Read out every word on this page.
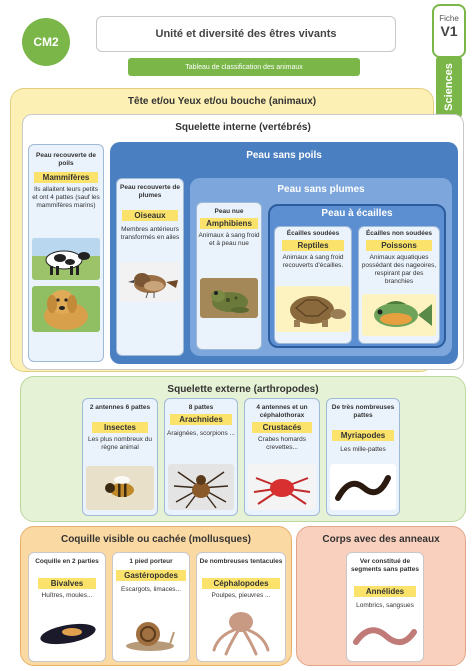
CM2
Unité et diversité des êtres vivants
Tableau de classification des animaux
Fiche
V1
Sciences
Tête et/ou Yeux et/ou bouche (animaux)
Squelette interne (vertébrés)
Peau recouverte de poils
Mammifères
Ils allaitent leurs petits et ont 4 pattes (sauf les mammifères marins)
Peau sans poils
Peau recouverte de plumes
Oiseaux
Membres antérieurs transformés en ailes
Peau sans plumes
Peau nue
Amphibiens
Animaux à sang froid et à peau nue
Peau à écailles
Écailles soudées
Reptiles
Animaux à sang froid recouverts d'écailles.
Écailles non soudées
Poissons
Animaux aquatiques possédant des nageoires, respirant par des branchies
Squelette externe (arthropodes)
2 antennes 6 pattes
Insectes
Les plus nombreux du règne animal
8 pattes
Arachnides
Araignées, scorpions ...
4 antennes et un céphalothorax
Crustacés
Crabes homards crevettes...
De très nombreuses pattes
Myriapodes
Les mille-pattes
Coquille visible ou cachée (mollusques)
Coquille en 2 parties
Bivalves
Huîtres, moules...
1 pied porteur
Gastéropodes
Escargots, limaces...
De nombreuses tentacules
Céphalopodes
Poulpes, pieuvres ...
Corps avec des anneaux
Ver constitué de segments sans pattes
Annélides
Lombrics, sangsues
